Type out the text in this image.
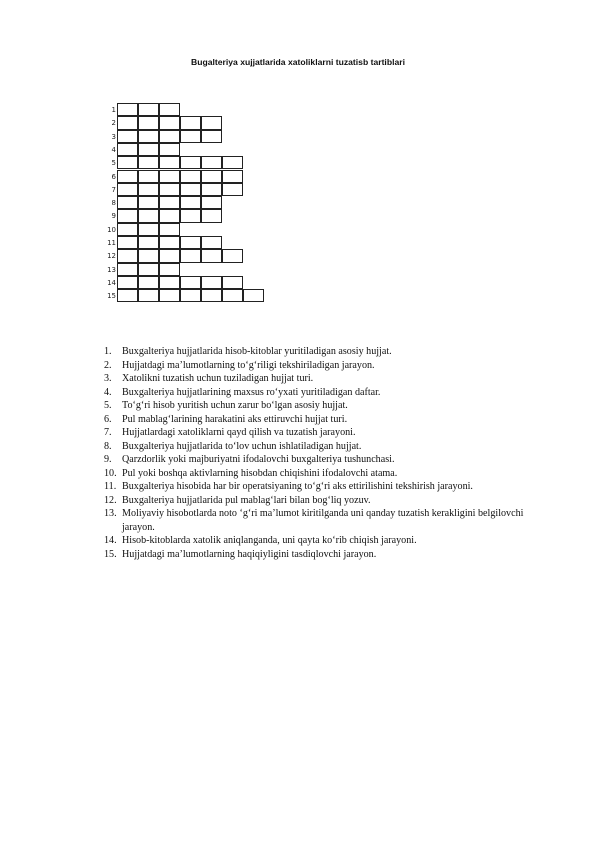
Bugalteriya xujjatlarida xatoliklarni tuzatisb tartiblari
1
2
3
4
5
6
7
8
9
10
11
12
13
14
15
1. Buxgalteriya hujjatlarida hisob-kitoblar yuritiladigan asosiy hujjat.
2. Hujjatdagi ma’lumotlarning to‘g‘riligi tekshiriladigan jarayon.
3. Xatolikni tuzatish uchun tuziladigan hujjat turi.
4. Buxgalteriya hujjatlarining maxsus ro‘yxati yuritiladigan daftar.
5. To‘g‘ri hisob yuritish uchun zarur bo‘lgan asosiy hujjat.
6. Pul mablag‘larining harakatini aks ettiruvchi hujjat turi.
7. Hujjatlardagi xatoliklarni qayd qilish va tuzatish jarayoni.
8. Buxgalteriya hujjatlarida to‘lov uchun ishlatiladigan hujjat.
9. Qarzdorlik yoki majburiyatni ifodalovchi buxgalteriya tushunchasi.
10. Pul yoki boshqa aktivlarning hisobdan chiqishini ifodalovchi atama.
11. Buxgalteriya hisobida har bir operatsiyaning to‘g‘ri aks ettirilishini tekshirish jarayoni.
12. Buxgalteriya hujjatlarida pul mablag‘lari bilan bog‘liq yozuv.
13. Moliyaviy hisobotlarda noto ‘g‘ri ma’lumot kiritilganda uni qanday tuzatish kerakligini belgilovchi jarayon.
14. Hisob-kitoblarda xatolik aniqlanganda, uni qayta ko‘rib chiqish jarayoni.
15. Hujjatdagi ma’lumotlarning haqiqiyligini tasdiqlovchi jarayon.
